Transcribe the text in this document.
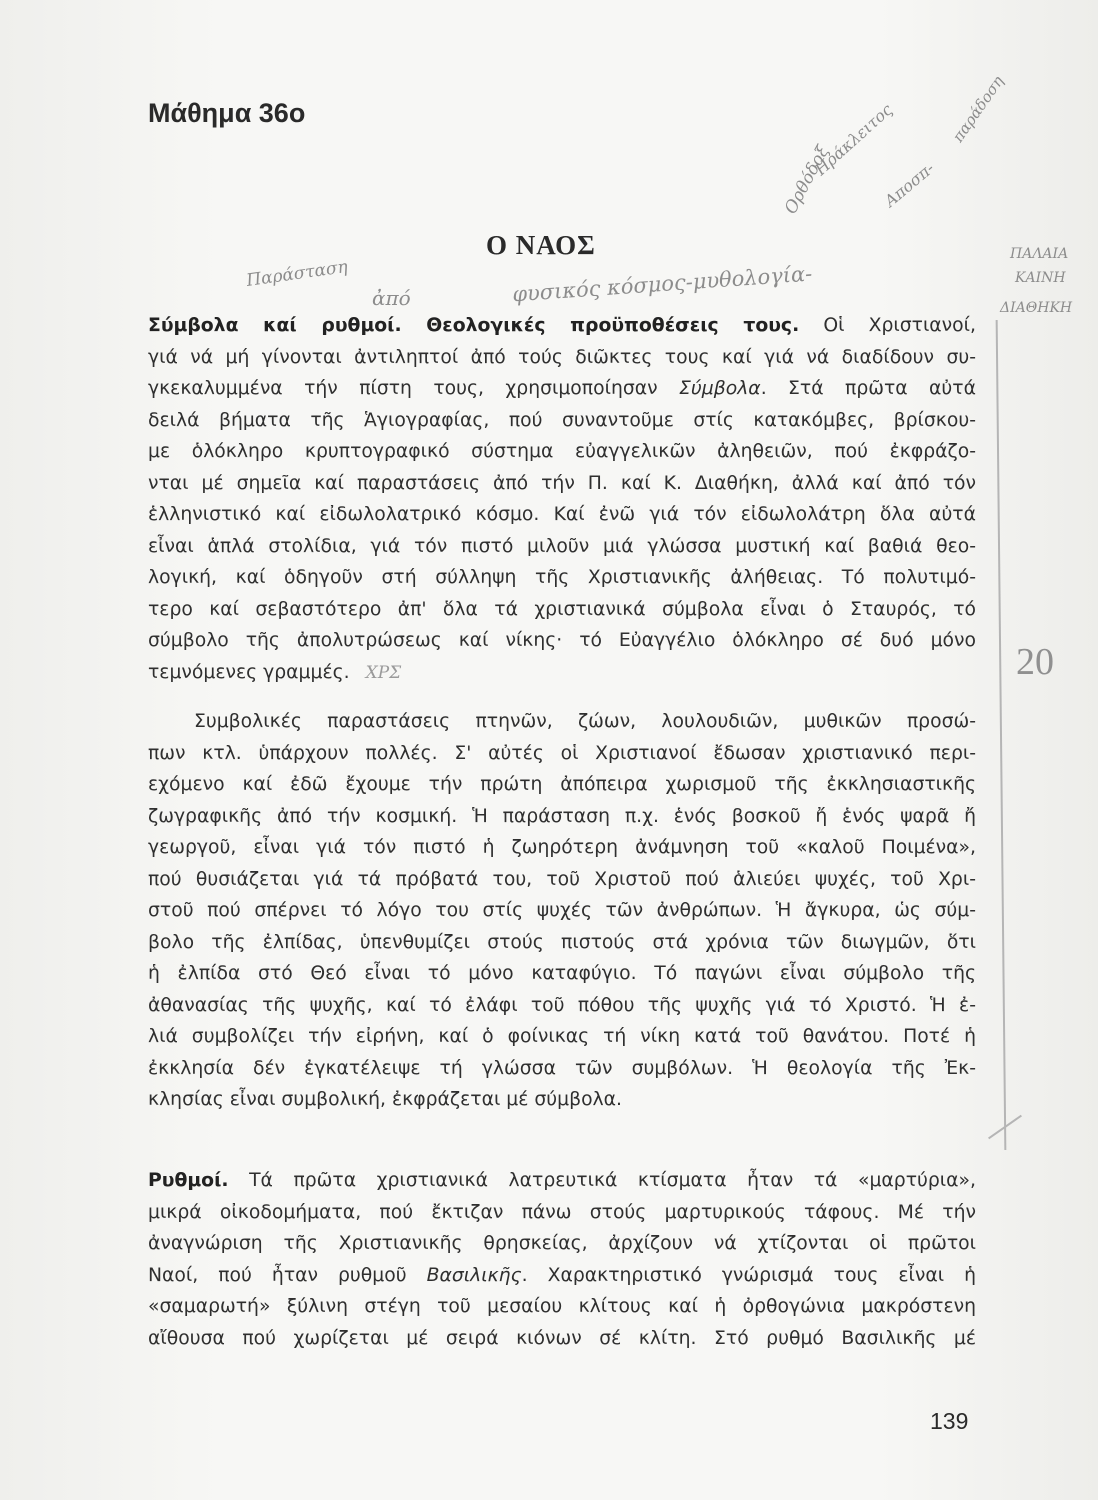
Μάθημα 36ο
Ο ΝΑΟΣ
Παράσταση
ἀπό	φυσικός κόσμος-μυθολογία-
ΠΑΛΑΙΑ
ΚΑΙΝΗ
ΔΙΑΘΗΚΗ
Ορθόδοξ
Ηράκλειτος
Αποσπ-
παράδοση
20
Σύμβολα καί ρυθμοί. Θεολογικές προϋποθέσεις τους. Οἱ Χριστιανοί,
γιά νά μή γίνονται ἀντιληπτοί ἀπό τούς διῶκτες τους καί γιά νά διαδίδουν συ-
γκεκαλυμμένα τήν πίστη τους, χρησιμοποίησαν Σύμβολα. Στά πρῶτα αὐτά
δειλά βήματα τῆς Ἁγιογραφίας, πού συναντοῦμε στίς κατακόμβες, βρίσκου-
με ὁλόκληρο κρυπτογραφικό σύστημα εὐαγγελικῶν ἀληθειῶν, πού ἐκφράζο-
νται μέ σημεῖα καί παραστάσεις ἀπό τήν Π. καί Κ. Διαθήκη, ἀλλά καί ἀπό τόν
ἑλληνιστικό καί εἰδωλολατρικό κόσμο. Καί ἐνῶ γιά τόν εἰδωλολάτρη ὅλα αὐτά
εἶναι ἁπλά στολίδια, γιά τόν πιστό μιλοῦν μιά γλώσσα μυστική καί βαθιά θεο-
λογική, καί ὁδηγοῦν στή σύλληψη τῆς Χριστιανικῆς ἀλήθειας. Τό πολυτιμό-
τερο καί σεβαστότερο ἀπ' ὅλα τά χριστιανικά σύμβολα εἶναι ὁ Σταυρός, τό
σύμβολο τῆς ἀπολυτρώσεως καί νίκης· τό Εὐαγγέλιο ὁλόκληρο σέ δυό μόνο
τεμνόμενες γραμμές. ΧΡΣ
Συμβολικές παραστάσεις πτηνῶν, ζώων, λουλουδιῶν, μυθικῶν προσώ-
πων κτλ. ὑπάρχουν πολλές. Σ' αὐτές οἱ Χριστιανοί ἔδωσαν χριστιανικό περι-
εχόμενο καί ἐδῶ ἔχουμε τήν πρώτη ἀπόπειρα χωρισμοῦ τῆς ἐκκλησιαστικῆς
ζωγραφικῆς ἀπό τήν κοσμική. Ἡ παράσταση π.χ. ἑνός βοσκοῦ ἤ ἑνός ψαρᾶ ἤ
γεωργοῦ, εἶναι γιά τόν πιστό ἡ ζωηρότερη ἀνάμνηση τοῦ «καλοῦ Ποιμένα»,
πού θυσιάζεται γιά τά πρόβατά του, τοῦ Χριστοῦ πού ἁλιεύει ψυχές, τοῦ Χρι-
στοῦ πού σπέρνει τό λόγο του στίς ψυχές τῶν ἀνθρώπων. Ἡ ἄγκυρα, ὡς σύμ-
βολο τῆς ἐλπίδας, ὑπενθυμίζει στούς πιστούς στά χρόνια τῶν διωγμῶν, ὅτι
ἡ ἐλπίδα στό Θεό εἶναι τό μόνο καταφύγιο. Τό παγώνι εἶναι σύμβολο τῆς
ἀθανασίας τῆς ψυχῆς, καί τό ἐλάφι τοῦ πόθου τῆς ψυχῆς γιά τό Χριστό. Ἡ ἐ-
λιά συμβολίζει τήν εἰρήνη, καί ὁ φοίνικας τή νίκη κατά τοῦ θανάτου. Ποτέ ἡ
ἐκκλησία δέν ἐγκατέλειψε τή γλώσσα τῶν συμβόλων. Ἡ θεολογία τῆς Ἐκ-
κλησίας εἶναι συμβολική, ἐκφράζεται μέ σύμβολα.
Ρυθμοί. Τά πρῶτα χριστιανικά λατρευτικά κτίσματα ἦταν τά «μαρτύρια»,
μικρά οἰκοδομήματα, πού ἔκτιζαν πάνω στούς μαρτυρικούς τάφους. Μέ τήν
ἀναγνώριση τῆς Χριστιανικῆς θρησκείας, ἀρχίζουν νά χτίζονται οἱ πρῶτοι
Ναοί, πού ἦταν ρυθμοῦ Βασιλικῆς. Χαρακτηριστικό γνώρισμά τους εἶναι ἡ
«σαμαρωτή» ξύλινη στέγη τοῦ μεσαίου κλίτους καί ἡ ὀρθογώνια μακρόστενη
αἴθουσα πού χωρίζεται μέ σειρά κιόνων σέ κλίτη. Στό ρυθμό Βασιλικῆς μέ
139
